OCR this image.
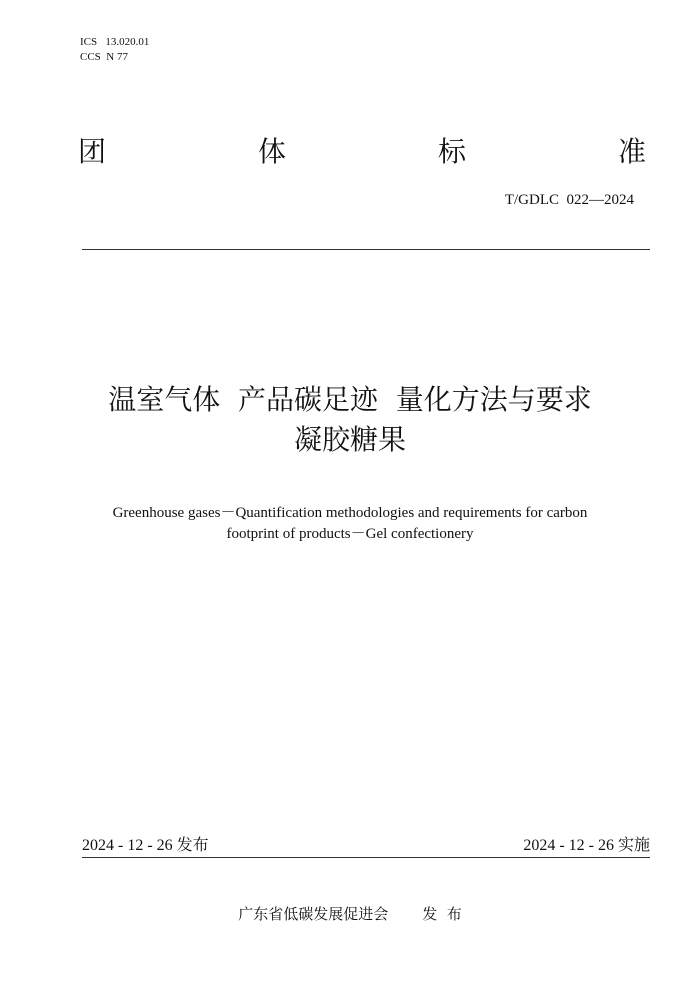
ICS   13.020.01
CCS  N 77
团	体	标	准
T/GDLC  022—2024
温室气体  产品碳足迹  量化方法与要求
凝胶糖果
Greenhouse gases－Quantification methodologies and requirements for carbon
footprint of products－Gel confectionery
2024 - 12 - 26 发布	2024 - 12 - 26 实施
广东省低碳发展促进会 发  布
